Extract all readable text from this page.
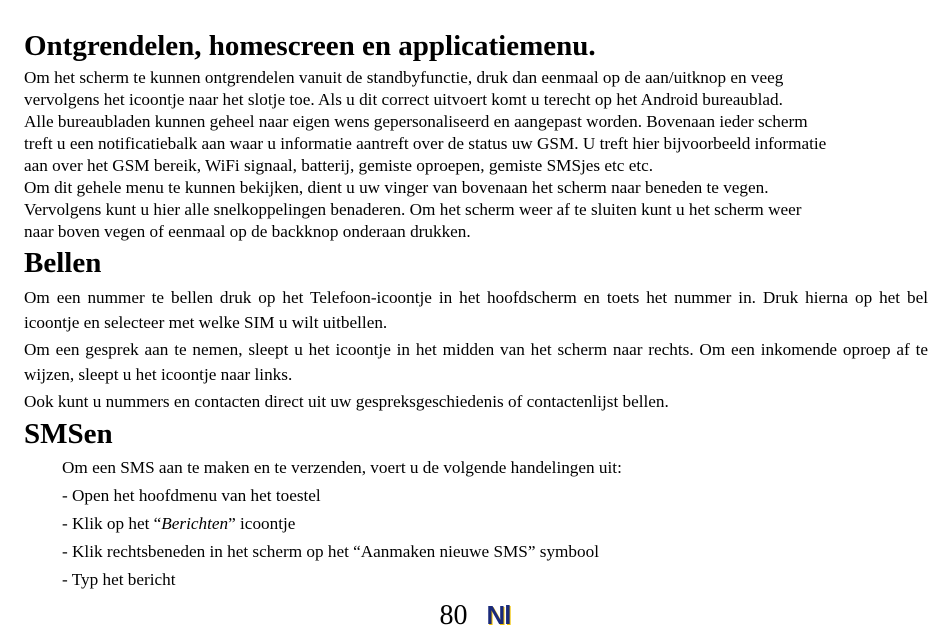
Ontgrendelen, homescreen en applicatiemenu.

Om het scherm te kunnen ontgrendelen vanuit de standbyfunctie, druk dan eenmaal op de aan/uitknop en veeg

vervolgens het icoontje naar het slotje toe. Als u dit correct uitvoert komt u terecht op het Android bureaublad.

Alle bureaubladen kunnen geheel naar eigen wens gepersonaliseerd en aangepast worden. Bovenaan ieder scherm

treft u een notificatiebalk aan waar u informatie aantreft over de status uw GSM. U treft hier bijvoorbeeld informatie

aan over het GSM bereik, WiFi signaal, batterij, gemiste oproepen, gemiste SMSjes etc etc.

Om dit gehele menu te kunnen bekijken, dient u uw vinger van bovenaan het scherm naar beneden te vegen.

Vervolgens kunt u hier alle snelkoppelingen benaderen. Om het scherm weer af te sluiten kunt u het scherm weer

naar boven vegen of eenmaal op de backknop onderaan drukken.

Bellen

Om een nummer te bellen druk op het Telefoon-icoontje in het hoofdscherm en toets het nummer in. Druk hierna op het bel icoontje en selecteer met welke SIM u wilt uitbellen.

Om een gesprek aan te nemen, sleept u het icoontje in het midden van het scherm naar rechts. Om een inkomende oproep af te wijzen, sleept u het icoontje naar links.

Ook kunt u nummers en contacten direct uit uw gespreksgeschiedenis of contactenlijst bellen.

SMSen

Om een SMS aan te maken en te verzenden, voert u de volgende handelingen uit:

- Open het hoofdmenu van het toestel

- Klik op het “Berichten” icoontje

- Klik rechtsbeneden in het scherm op het “Aanmaken nieuwe SMS” symbool

- Typ het bericht

80 Nl
